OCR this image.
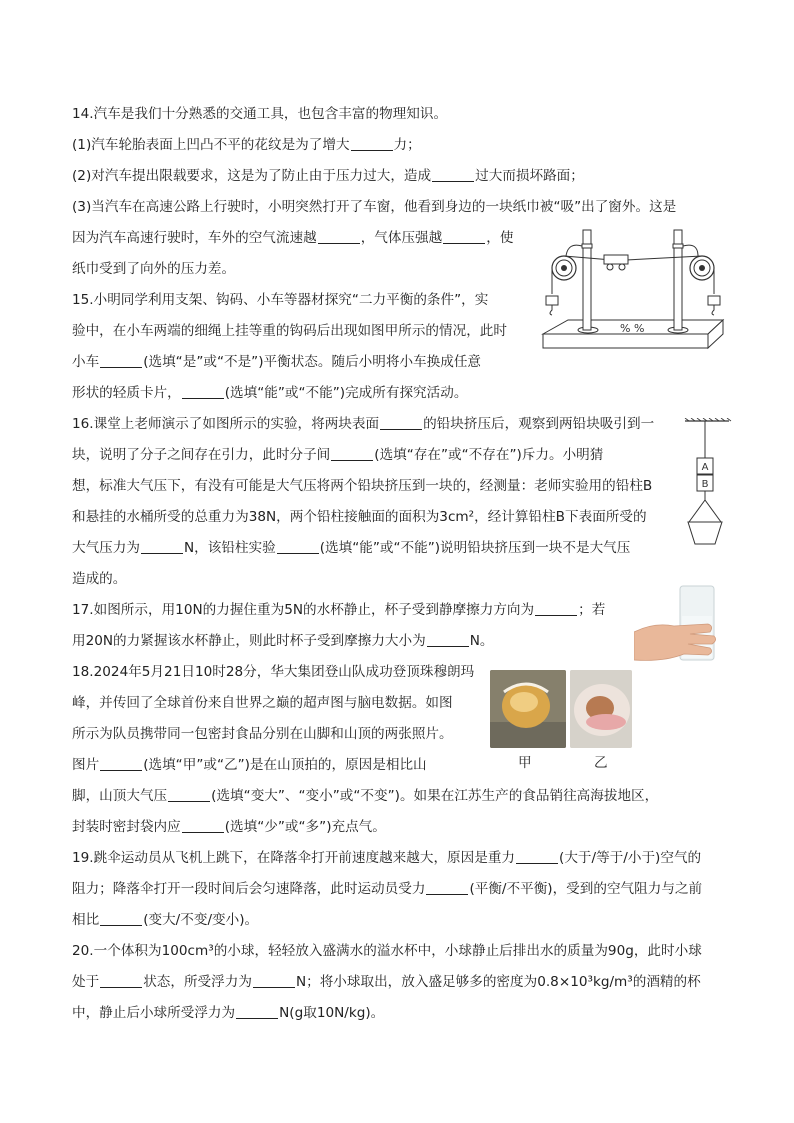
14.汽车是我们十分熟悉的交通工具，也包含丰富的物理知识。
(1)汽车轮胎表面上凹凸不平的花纹是为了增大	力；
(2)对汽车提出限载要求，这是为了防止由于压力过大，造成	过大而损坏路面；
(3)当汽车在高速公路上行驶时，小明突然打开了车窗，他看到身边的一块纸巾被“吸”出了窗外。这是
因为汽车高速行驶时，车外的空气流速越	，气体压强越	，使
纸巾受到了向外的压力差。
15.小明同学利用支架、钩码、小车等器材探究“二力平衡的条件”，实
验中，在小车两端的细绳上挂等重的钩码后出现如图甲所示的情况，此时
小车	(选填“是”或“不是”)平衡状态。随后小明将小车换成任意
形状的轻质卡片，	(选填“能”或“不能”)完成所有探究活动。
16.课堂上老师演示了如图所示的实验，将两块表面	的铅块挤压后，观察到两铅块吸引到一
块，说明了分子之间存在引力，此时分子间	(选填“存在”或“不存在”)斥力。小明猜
想，标准大气压下，有没有可能是大气压将两个铅块挤压到一块的，经测量：老师实验用的铅柱B
和悬挂的水桶所受的总重力为38N，两个铅柱接触面的面积为3cm²，经计算铅柱B下表面所受的
大气压力为	N，该铅柱实验	(选填“能”或“不能”)说明铅块挤压到一块不是大气压
造成的。
17.如图所示，用10N的力握住重为5N的水杯静止，杯子受到静摩擦力方向为	；若
用20N的力紧握该水杯静止，则此时杯子受到摩擦力大小为	N。
18.2024年5月21日10时28分，华大集团登山队成功登顶珠穆朗玛
峰，并传回了全球首份来自世界之巅的超声图与脑电数据。如图
所示为队员携带同一包密封食品分别在山脚和山顶的两张照片。
图片	(选填“甲”或“乙”)是在山顶拍的，原因是相比山
脚，山顶大气压	(选填“变大”、“变小”或“不变”)。如果在江苏生产的食品销往高海拔地区，
封装时密封袋内应	(选填“少”或“多”)充点气。
19.跳伞运动员从飞机上跳下，在降落伞打开前速度越来越大，原因是重力	(大于/等于/小于)空气的
阻力；降落伞打开一段时间后会匀速降落，此时运动员受力	(平衡/不平衡)，受到的空气阻力与之前
相比	(变大/不变/变小)。
20.一个体积为100cm³的小球，轻轻放入盛满水的溢水杯中，小球静止后排出水的质量为90g，此时小球
处于	状态，所受浮力为	N；将小球取出，放入盛足够多的密度为0.8×10³kg/m³的酒精的杯
中，静止后小球所受浮力为	N(g取10N/kg)。
% %
A
B
甲	乙
